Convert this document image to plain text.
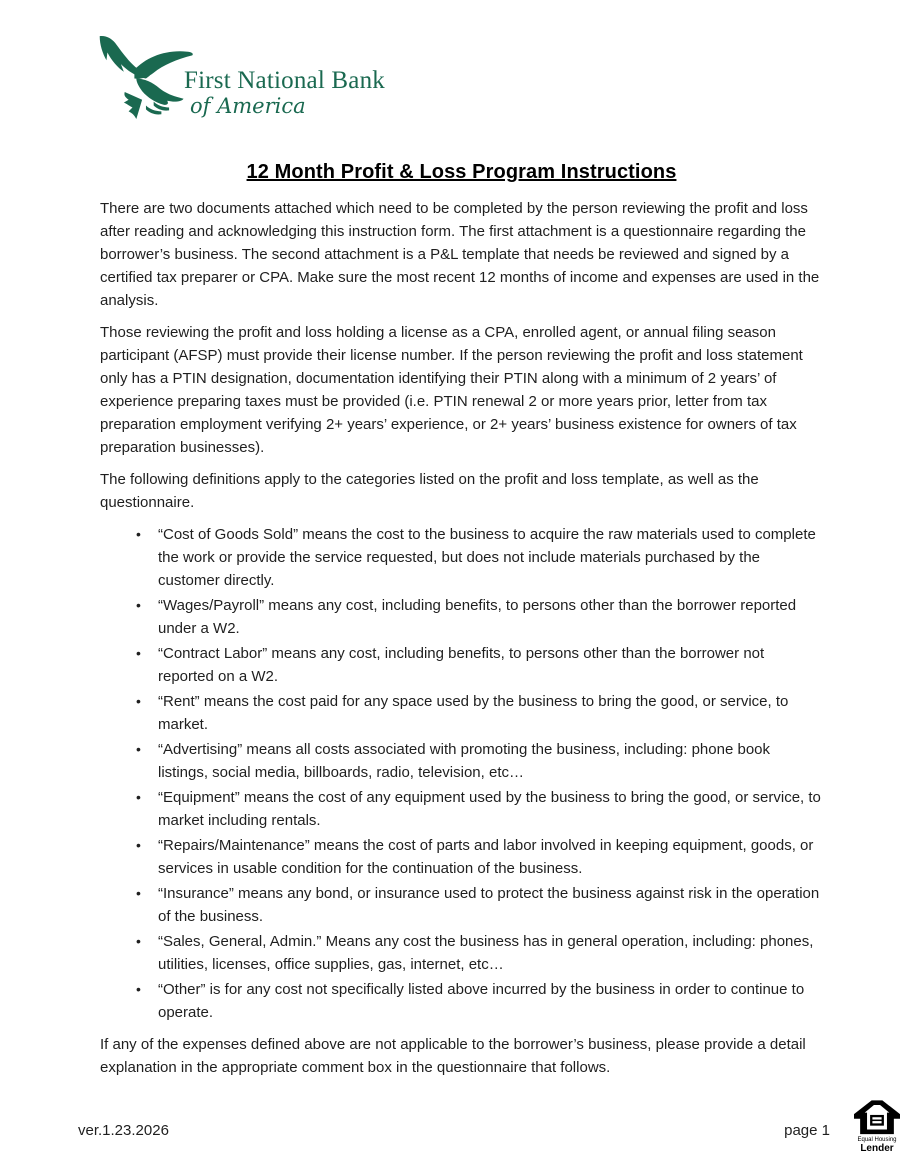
First National Bank
of America
12 Month Profit & Loss Program Instructions

There are two documents attached which need to be completed by the person reviewing the profit and loss after reading and acknowledging this instruction form. The first attachment is a questionnaire regarding the borrower’s business. The second attachment is a P&L template that needs be reviewed and signed by a certified tax preparer or CPA. Make sure the most recent 12 months of income and expenses are used in the analysis.

Those reviewing the profit and loss holding a license as a CPA, enrolled agent, or annual filing season participant (AFSP) must provide their license number. If the person reviewing the profit and loss statement only has a PTIN designation, documentation identifying their PTIN along with a minimum of 2 years’ of experience preparing taxes must be provided (i.e. PTIN renewal 2 or more years prior, letter from tax preparation employment verifying 2+ years’ experience, or 2+ years’ business existence for owners of tax preparation businesses).

The following definitions apply to the categories listed on the profit and loss template, as well as the questionnaire.

• “Cost of Goods Sold” means the cost to the business to acquire the raw materials used to complete the work or provide the service requested, but does not include materials purchased by the customer directly.
• “Wages/Payroll” means any cost, including benefits, to persons other than the borrower reported under a W2.
• “Contract Labor” means any cost, including benefits, to persons other than the borrower not reported on a W2.
• “Rent” means the cost paid for any space used by the business to bring the good, or service, to market.
• “Advertising” means all costs associated with promoting the business, including: phone book listings, social media, billboards, radio, television, etc…
• “Equipment” means the cost of any equipment used by the business to bring the good, or service, to market including rentals.
• “Repairs/Maintenance” means the cost of parts and labor involved in keeping equipment, goods, or services in usable condition for the continuation of the business.
• “Insurance” means any bond, or insurance used to protect the business against risk in the operation of the business.
• “Sales, General, Admin.” Means any cost the business has in general operation, including: phones, utilities, licenses, office supplies, gas, internet, etc…
• “Other” is for any cost not specifically listed above incurred by the business in order to continue to operate.

If any of the expenses defined above are not applicable to the borrower’s business, please provide a detail explanation in the appropriate comment box in the questionnaire that follows.

ver.1.23.2026	page 1
Equal Housing
Lender
